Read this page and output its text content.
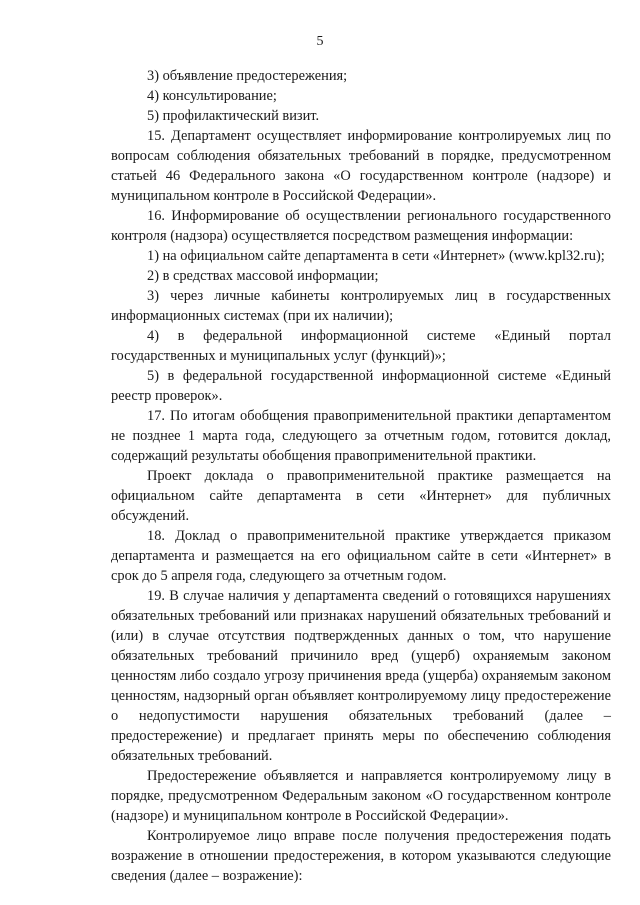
5

3) объявление предостережения;

4) консультирование;

5) профилактический визит.

15. Департамент осуществляет информирование контролируемых лиц по вопросам соблюдения обязательных требований в порядке, предусмотренном статьей 46 Федерального закона «О государственном контроле (надзоре) и муниципальном контроле в Российской Федерации».

16. Информирование об осуществлении регионального государственного контроля (надзора) осуществляется посредством размещения информации:

1) на официальном сайте департамента в сети «Интернет» (www.kpl32.ru);

2) в средствах массовой информации;

3) через личные кабинеты контролируемых лиц в государственных информационных системах (при их наличии);

4) в федеральной информационной системе «Единый портал государственных и муниципальных услуг (функций)»;

5) в федеральной государственной информационной системе «Единый реестр проверок».

17. По итогам обобщения правоприменительной практики департаментом не позднее 1 марта года, следующего за отчетным годом, готовится доклад, содержащий результаты обобщения правоприменительной практики.

Проект доклада о правоприменительной практике размещается на официальном сайте департамента в сети «Интернет» для публичных обсуждений.

18. Доклад о правоприменительной практике утверждается приказом департамента и размещается на его официальном сайте в сети «Интернет» в срок до 5 апреля года, следующего за отчетным годом.

19. В случае наличия у департамента сведений о готовящихся нарушениях обязательных требований или признаках нарушений обязательных требований и (или) в случае отсутствия подтвержденных данных о том, что нарушение обязательных требований причинило вред (ущерб) охраняемым законом ценностям либо создало угрозу причинения вреда (ущерба) охраняемым законом ценностям, надзорный орган объявляет контролируемому лицу предостережение о недопустимости нарушения обязательных требований (далее – предостережение) и предлагает принять меры по обеспечению соблюдения обязательных требований.

Предостережение объявляется и направляется контролируемому лицу в порядке, предусмотренном Федеральным законом «О государственном контроле (надзоре) и муниципальном контроле в Российской Федерации».

Контролируемое лицо вправе после получения предостережения подать возражение в отношении предостережения, в котором указываются следующие сведения (далее – возражение):
